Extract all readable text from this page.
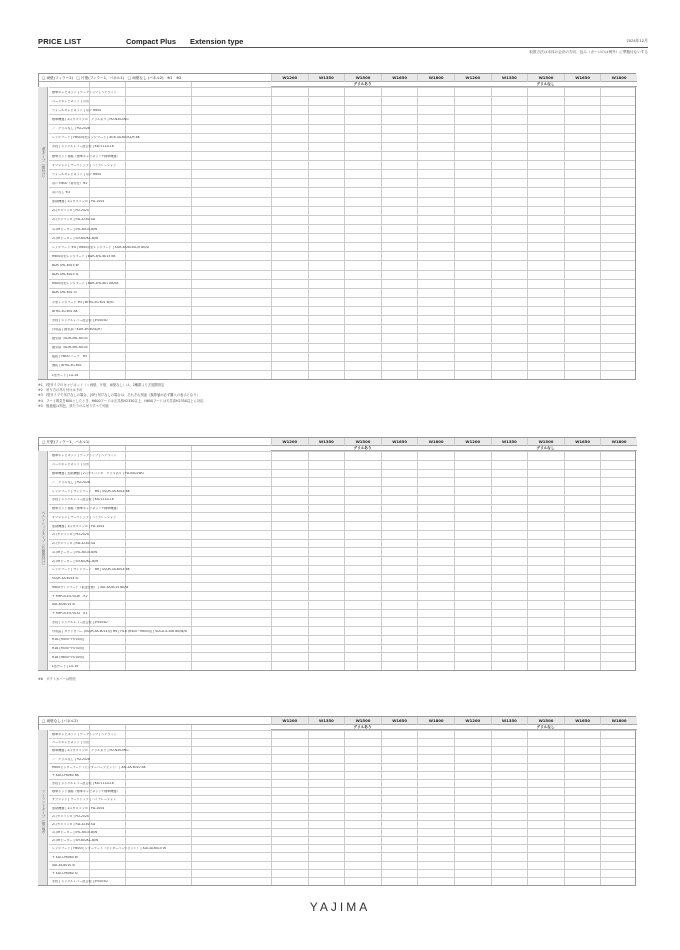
PRICE LIST	Compact Plus Extension type	2024年12月
取扱方法は本体の会計の方向、包み（ガーロのは例外）に準拠付ないする
□ 両壁(フィラー2)　□ 片壁(フィラー1、パネル1)　□ 両壁なし (パネル2)　※1　※2
I型タイプ（壁付け）
W1200	W1350	W1500	W1650	W1800	W1200	W1350	W1500	W1650	W1800
グリルあり	グリルなし
標準キャビネット | ワークトップ | ヘアライン
ベースキャビネット | 引出
ウォールキャビネット | 吊戸 H600
標準機器 | 2口ガスコンロ　グリルあり | PD-N302WG
／　グリルなし | PD-202B
レンジフード | H600用型レンジフード | XGR-3A-603SL/R BK
水栓 | シングルレバー混合栓 | KB7111A-16
標準セット価格（標準キャビネット+標準機器）
オプション | ワークトップ | バイブレーション
ウォールキャビネット | 吊戸 H600
吊戸 H600（扉付仕）※2
吊戸なし ※3
加熱機器 | 1口ガスコンロ | PD-1004
2口ガスコンロ | PD-2024
2口ガスコンロ | RD-323STSA
1口IHヒーター | IHC-6010-B/W
2口IHヒーター | SH-B02KC-B/W
レンジフード ※4 | H600用型レンジフード | XGR-3A-603SL/R BK/SI
H600用型レンジフード | BDR-3HL-6015 BK
BDR-3HL-6015 W
BDR-3HL-6015 SI
H600用型レンジフード | BDR-3HL-601 BK/SK
BDR-3HL-601 SI
平型レンジフード ※5 | BFRS-3G-601 W/SI
BFRS-3G-601 BK
水栓 | シングルレバー混合栓 | JF0005D
付帯品 | 換気扇（KDR-3H-603L/R）
換気扇（KDR-3HL-6015）
換気扇（KDR-3HL-6014）
後板 | H600 パーツ　※5
側板 | BFRS-3G-601
L型ガード | LG-16
※1　I型タイプのキャビネット（＝両壁、片壁、両壁なし）は、2種類より左展開設定
※2　吊り方の吊り付けは不可
※3　I型タイプで吊戸なしの場合、[SP] 吊戸なしの場合は、それぞれ別途（換算値が必ず購入の表示となり）
※4　フード吸気を600としたとき、H600フードは天井高H2350以上、H600フードは天井高H2350以上に対応
※5　後板板は別色、該たりのみ吊りすべて可能
□ 片壁(フィラー1、パネル1)
ペニンシュラタイプ（片側壁付け）
W1200	W1350	W1500	W1650	W1800	W1200	W1350	W1500	W1650	W1800
グリルあり	グリルなし
標準キャビネット | ワークトップ | ヘアライン
ベースキャビネット | 引出
標準機器 | 加熱機器 | 2口ガスコンロ　グリルあり | PD-N302WG
／　グリルなし | PD-202B
レンジフード | サイドフード　※6 | SSQR-3A-6014 BK
水栓 | シングルレバー混合栓 | KB7111A-16
標準セット価格（標準キャビネット+標準機器）
オプション | ワークトップ | バイブレーション
加熱機器 | 1口ガスコンロ | PD-1004
2口ガスコンロ | PD-2024
2口ガスコンロ | RD-323STSA
1口IHヒーター | IHC-6010-B/W
2口IHヒーター | SH-B02KC-B/W
レンジフード | サイドフード　※6 | SSQR-3A-6014 BK
SSQR-3A-6014 SI
H600サイドフード（板金仕様） | XAI-3A-6014 BK/W
+ YMP10-E4701W　×2
XAI-3A-6014 SI
+ YMP10-E4701SI　×2
水栓 | シングルレバー混合栓 | JF0005D
付帯品 | ダクトカバー (SSQR-3A-6014用) ※6 | H1B (H400~H600用) | SDCA-4-30B BK/W/SI
H1B (H450~H700用)
H1B (H500~H750用)
H1B (H650~H700用)
L型ガード | LG-16
※6　ダクトカバーは別売
□ 両壁なし (パネル2)
アイランドタイプ（独立型）
W1200	W1350	W1500	W1650	W1800	W1200	W1350	W1500	W1650	W1800
グリルあり	グリルなし
標準キャビネット | ワークトップ | ヘアライン
ベースキャビネット | 引出
標準機器 | 2口ガスコンロ　グリルあり | PD-N302WG
／　グリルなし | PD-202B
H600センターフード（センターパーツセット） | XAI-3A-6010 BK
+ XAI-CP6060 BK
水栓 | シングルレバー混合栓 | KB7111A-16
標準セット価格（標準キャビネット+標準機器）
オプション | ワークトップ | バイブレーション
加熱機器 | 1口ガスコンロ | PD-1004
2口ガスコンロ | PD-2024
2口ガスコンロ | RD-323STSA
1口IHヒーター | IHC-6010-B/W
2口IHヒーター | SH-B02KC-B/W
レンジフード | H600センターフード（センターパーツセット） | XAI-3A-6010 W
+ XAI-CP6060 W
XAI-3A-6010 SI
+ XAI-CP6060 SI
水栓 | シングルレバー混合栓 | JF0005D
YAJIMA
